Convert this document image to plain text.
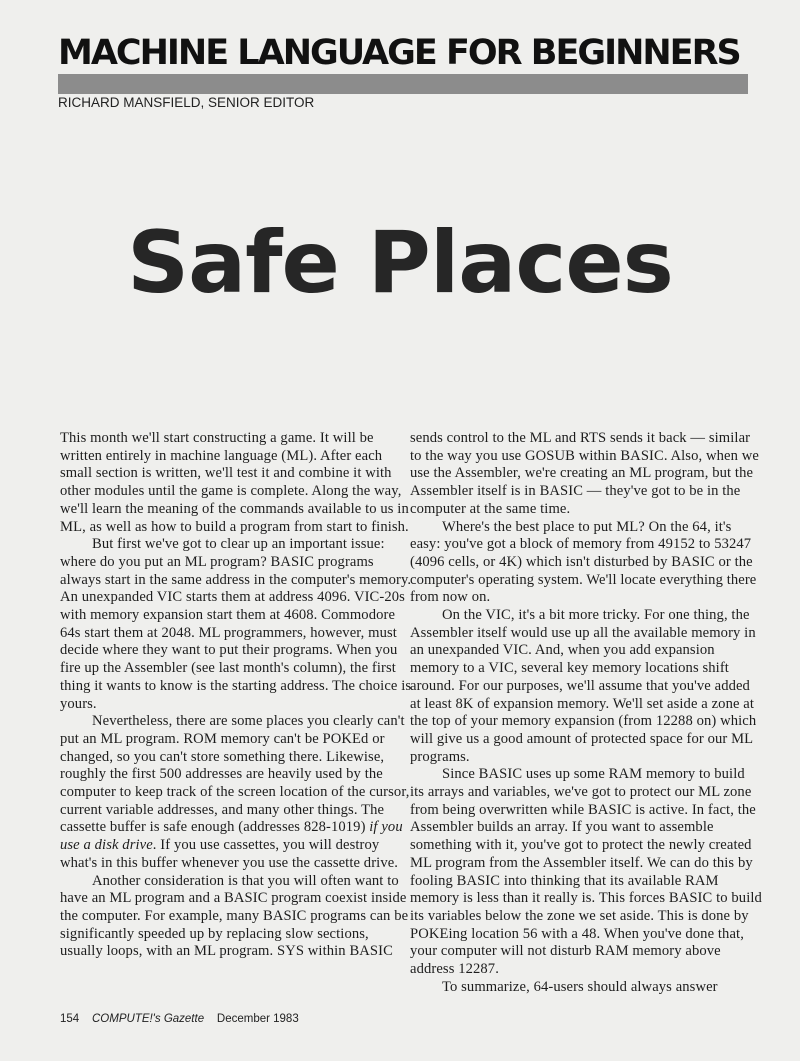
MACHINE LANGUAGE FOR BEGINNERS
RICHARD MANSFIELD, SENIOR EDITOR
Safe Places

This month we'll start constructing a game. It will be written entirely in machine language (ML). After each small section is written, we'll test it and combine it with other modules until the game is complete. Along the way, we'll learn the meaning of the commands available to us in ML, as well as how to build a program from start to finish.

But first we've got to clear up an important issue: where do you put an ML program? BASIC programs always start in the same address in the computer's memory. An unexpanded VIC starts them at address 4096. VIC-20s with memory expansion start them at 4608. Commodore 64s start them at 2048. ML programmers, however, must decide where they want to put their programs. When you fire up the Assembler (see last month's column), the first thing it wants to know is the starting address. The choice is yours.

Nevertheless, there are some places you clearly can't put an ML program. ROM memory can't be POKEd or changed, so you can't store something there. Likewise, roughly the first 500 addresses are heavily used by the computer to keep track of the screen location of the cursor, current variable addresses, and many other things. The cassette buffer is safe enough (addresses 828-1019) if you use a disk drive. If you use cassettes, you will destroy what's in this buffer whenever you use the cassette drive.

Another consideration is that you will often want to have an ML program and a BASIC program coexist inside the computer. For example, many BASIC programs can be significantly speeded up by replacing slow sections, usually loops, with an ML program. SYS within BASIC

sends control to the ML and RTS sends it back — similar to the way you use GOSUB within BASIC. Also, when we use the Assembler, we're creating an ML program, but the Assembler itself is in BASIC — they've got to be in the computer at the same time.

Where's the best place to put ML? On the 64, it's easy: you've got a block of memory from 49152 to 53247 (4096 cells, or 4K) which isn't disturbed by BASIC or the computer's operating system. We'll locate everything there from now on.

On the VIC, it's a bit more tricky. For one thing, the Assembler itself would use up all the available memory in an unexpanded VIC. And, when you add expansion memory to a VIC, several key memory locations shift around. For our purposes, we'll assume that you've added at least 8K of expansion memory. We'll set aside a zone at the top of your memory expansion (from 12288 on) which will give us a good amount of protected space for our ML programs.

Since BASIC uses up some RAM memory to build its arrays and variables, we've got to protect our ML zone from being overwritten while BASIC is active. In fact, the Assembler builds an array. If you want to assemble something with it, you've got to protect the newly created ML program from the Assembler itself. We can do this by fooling BASIC into thinking that its available RAM memory is less than it really is. This forces BASIC to build its variables below the zone we set aside. This is done by POKEing location 56 with a 48. When you've done that, your computer will not disturb RAM memory above address 12287.

To summarize, 64-users should always answer

154 COMPUTE!'s Gazette December 1983
